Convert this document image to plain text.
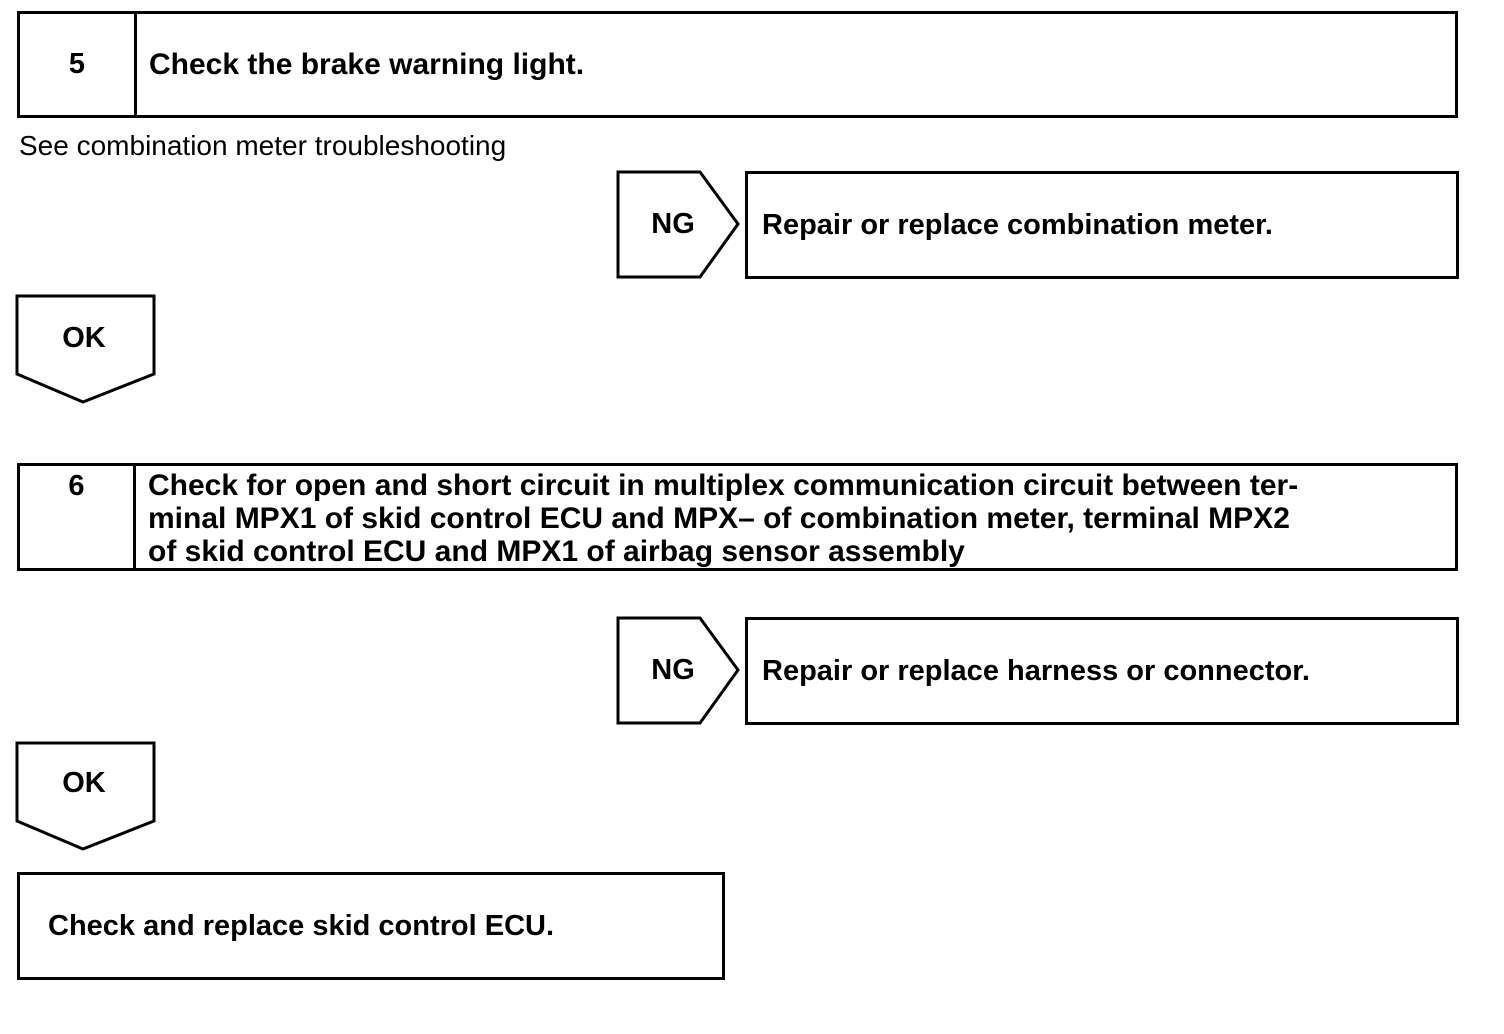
5	Check the brake warning light.
See combination meter troubleshooting
NG	Repair or replace combination meter.
OK
6	Check for open and short circuit in multiplex communication circuit between ter-
minal MPX1 of skid control ECU and MPX– of combination meter, terminal MPX2
of skid control ECU and MPX1 of airbag sensor assembly
NG	Repair or replace harness or connector.
OK
Check and replace skid control ECU.
